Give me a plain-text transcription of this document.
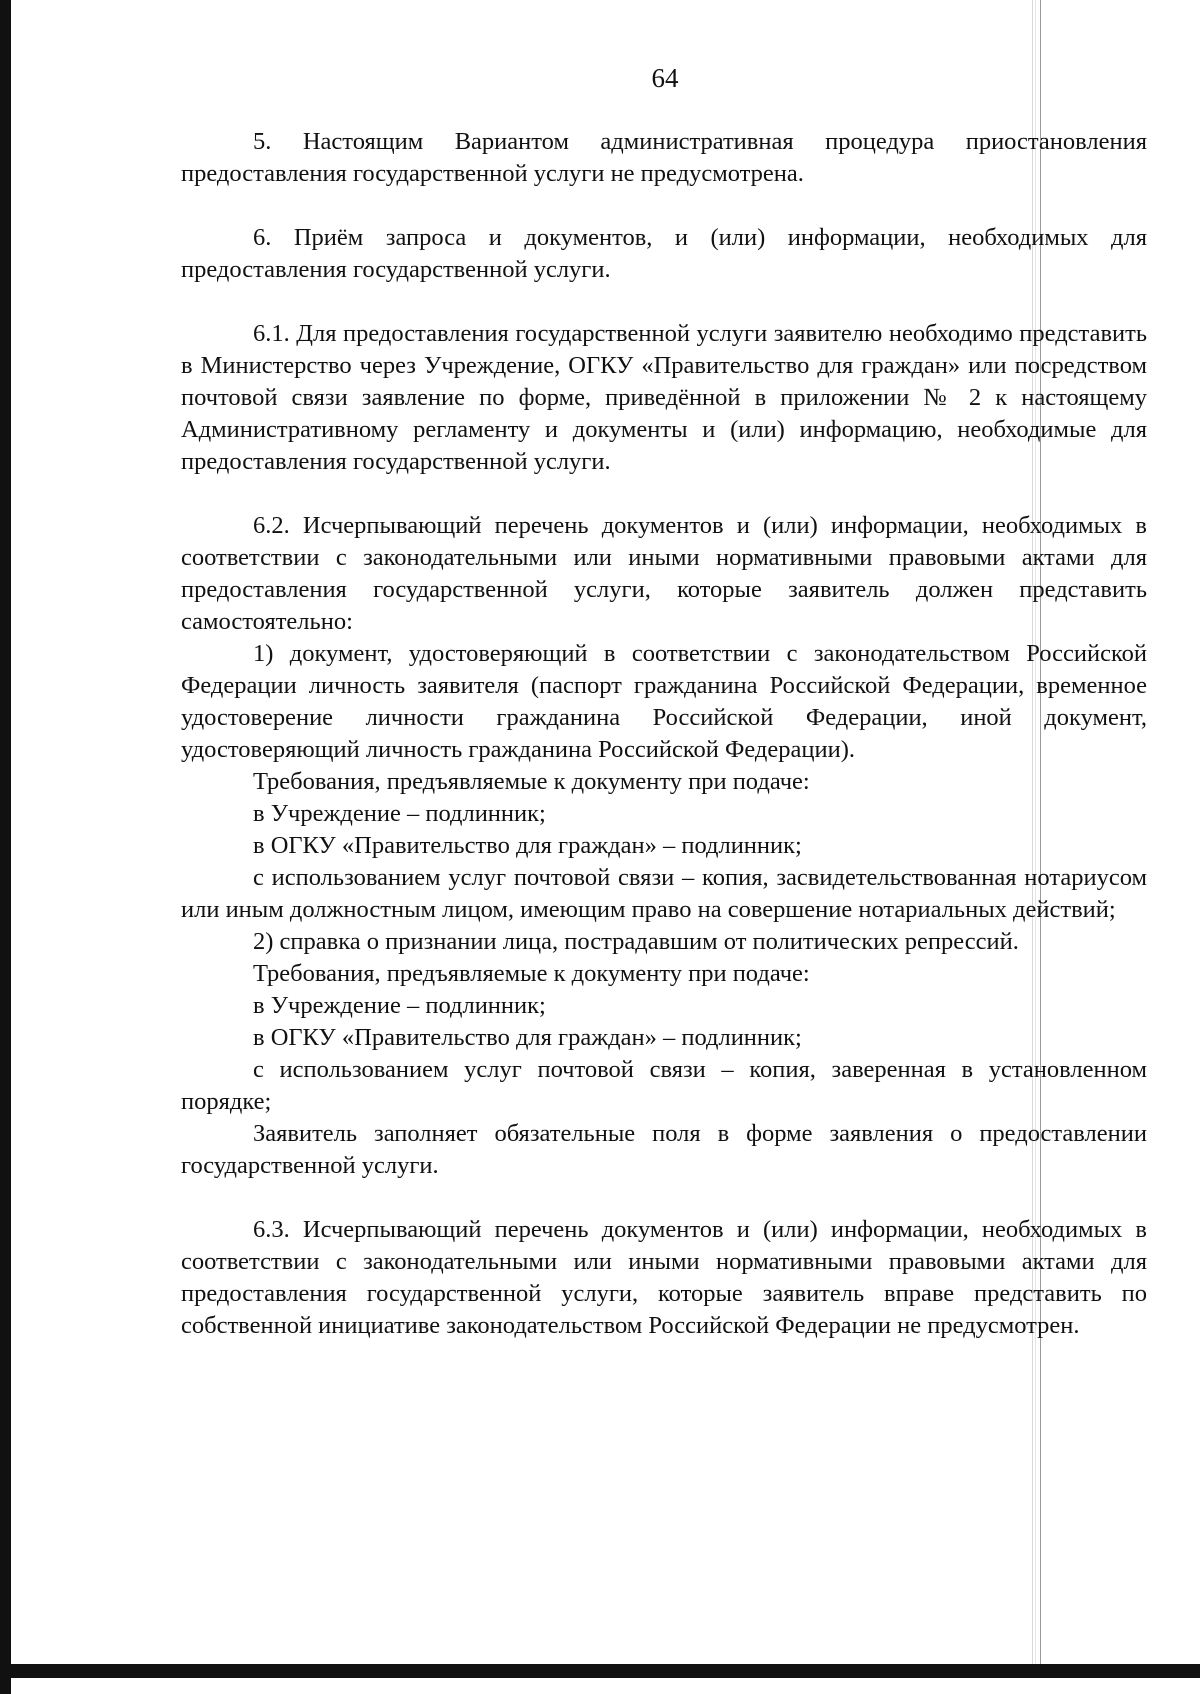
64

5. Настоящим Вариантом административная процедура приостановления предоставления государственной услуги не предусмотрена.

6. Приём запроса и документов, и (или) информации, необходимых для предоставления государственной услуги.

6.1. Для предоставления государственной услуги заявителю необходимо представить в Министерство через Учреждение, ОГКУ «Правительство для граждан» или посредством почтовой связи заявление по форме, приведённой в приложении № 2 к настоящему Административному регламенту и документы и (или) информацию, необходимые для предоставления государственной услуги.

6.2. Исчерпывающий перечень документов и (или) информации, необходимых в соответствии с законодательными или иными нормативными правовыми актами для предоставления государственной услуги, которые заявитель должен представить самостоятельно:

1) документ, удостоверяющий в соответствии с законодательством Российской Федерации личность заявителя (паспорт гражданина Российской Федерации, временное удостоверение личности гражданина Российской Федерации, иной документ, удостоверяющий личность гражданина Российской Федерации).

Требования, предъявляемые к документу при подаче:

в Учреждение – подлинник;

в ОГКУ «Правительство для граждан» – подлинник;

с использованием услуг почтовой связи – копия, засвидетельствованная нотариусом или иным должностным лицом, имеющим право на совершение нотариальных действий;

2) справка о признании лица, пострадавшим от политических репрессий.

Требования, предъявляемые к документу при подаче:

в Учреждение – подлинник;

в ОГКУ «Правительство для граждан» – подлинник;

с использованием услуг почтовой связи – копия, заверенная в установленном порядке;

Заявитель заполняет обязательные поля в форме заявления о предоставлении государственной услуги.

6.3. Исчерпывающий перечень документов и (или) информации, необходимых в соответствии с законодательными или иными нормативными правовыми актами для предоставления государственной услуги, которые заявитель вправе представить по собственной инициативе законодательством Российской Федерации не предусмотрен.
